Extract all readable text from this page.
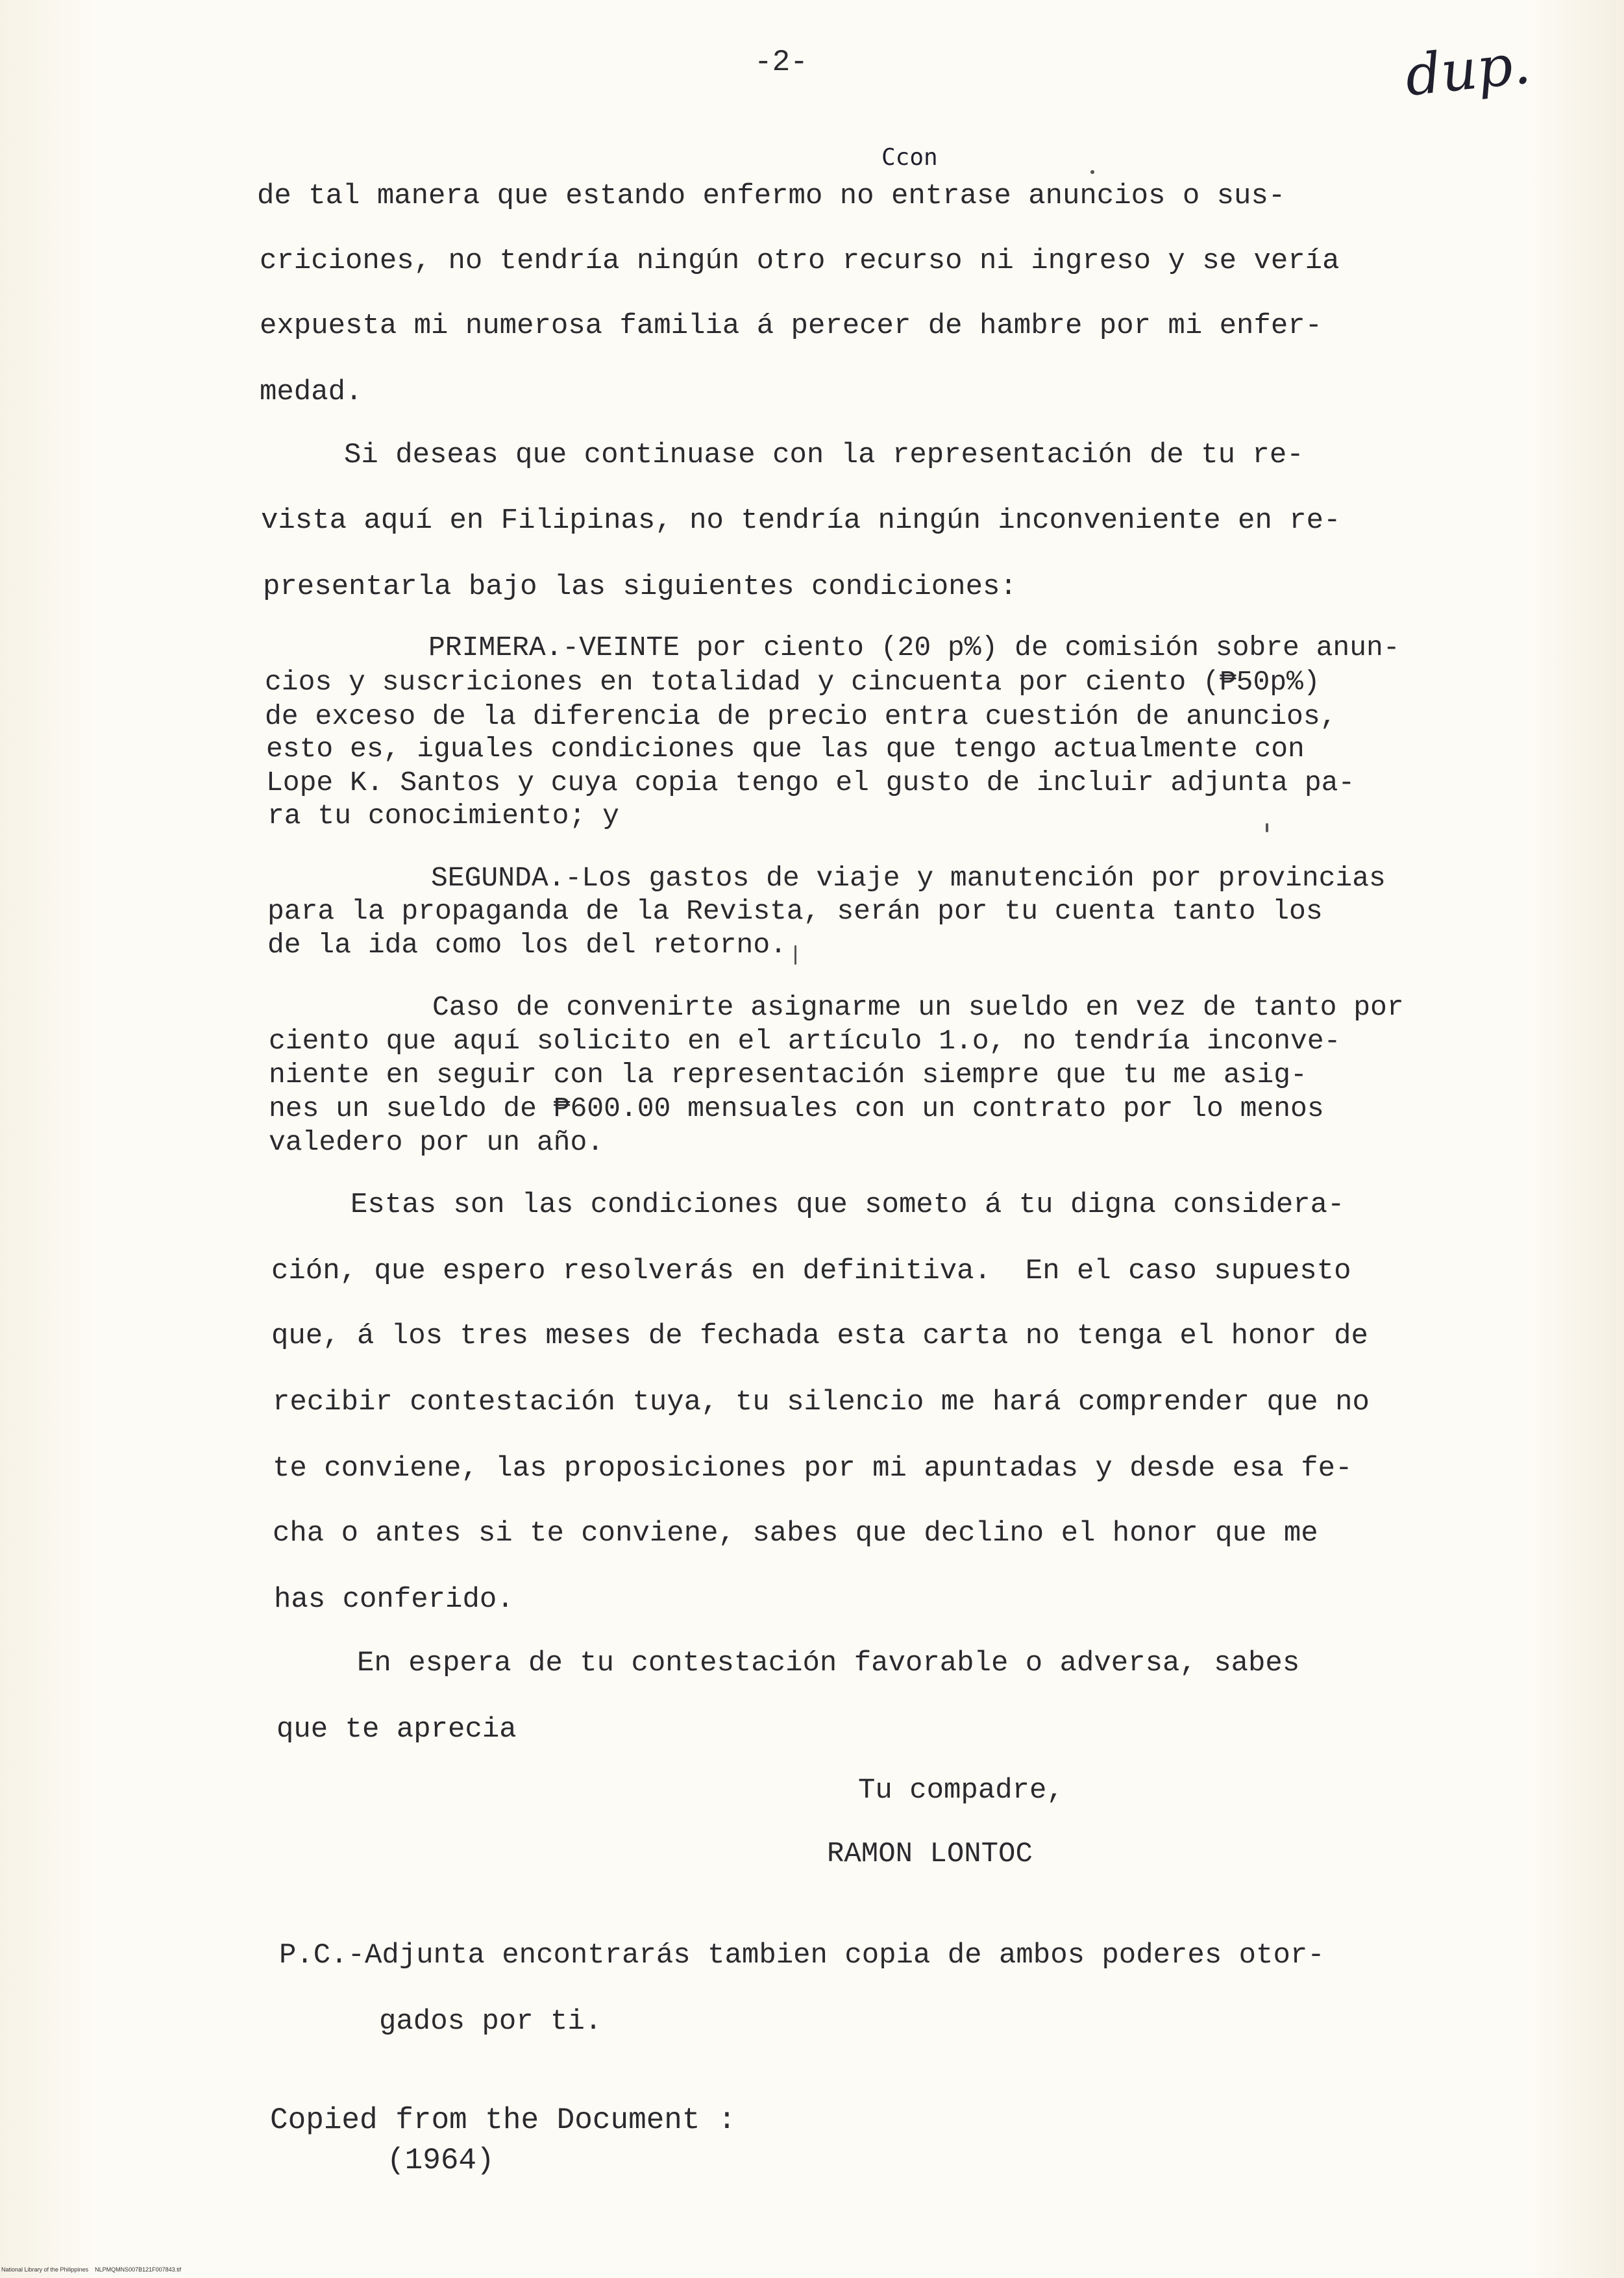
-2-	dup.
Ccon
de tal manera que estando enfermo no entrase anuncios o sus-
criciones, no tendría ningún otro recurso ni ingreso y se vería
expuesta mi numerosa familia á perecer de hambre por mi enfer-
medad.
Si deseas que continuase con la representación de tu re-
vista aquí en Filipinas, no tendría ningún inconveniente en re-
presentarla bajo las siguientes condiciones:
PRIMERA.-VEINTE por ciento (20 p%) de comisión sobre anun-
cios y suscriciones en totalidad y cincuenta por ciento (₱50p%)
de exceso de la diferencia de precio entra cuestión de anuncios,
esto es, iguales condiciones que las que tengo actualmente con
Lope K. Santos y cuya copia tengo el gusto de incluir adjunta pa-
ra tu conocimiento; y
SEGUNDA.-Los gastos de viaje y manutención por provincias
para la propaganda de la Revista, serán por tu cuenta tanto los
de la ida como los del retorno.
Caso de convenirte asignarme un sueldo en vez de tanto por
ciento que aquí solicito en el artículo 1.o, no tendría inconve-
niente en seguir con la representación siempre que tu me asig-
nes un sueldo de ₱600.00 mensuales con un contrato por lo menos
valedero por un año.
Estas son las condiciones que someto á tu digna considera-
ción, que espero resolverás en definitiva.  En el caso supuesto
que, á los tres meses de fechada esta carta no tenga el honor de
recibir contestación tuya, tu silencio me hará comprender que no
te conviene, las proposiciones por mi apuntadas y desde esa fe-
cha o antes si te conviene, sabes que declino el honor que me
has conferido.
En espera de tu contestación favorable o adversa, sabes
que te aprecia
Tu compadre,
RAMON LONTOC
P.C.-Adjunta encontrarás tambien copia de ambos poderes otor-
gados por ti.
Copied from the Document :
(1964)
National Library of the Philippines    NLPMQMNS007B121F007843.tif
